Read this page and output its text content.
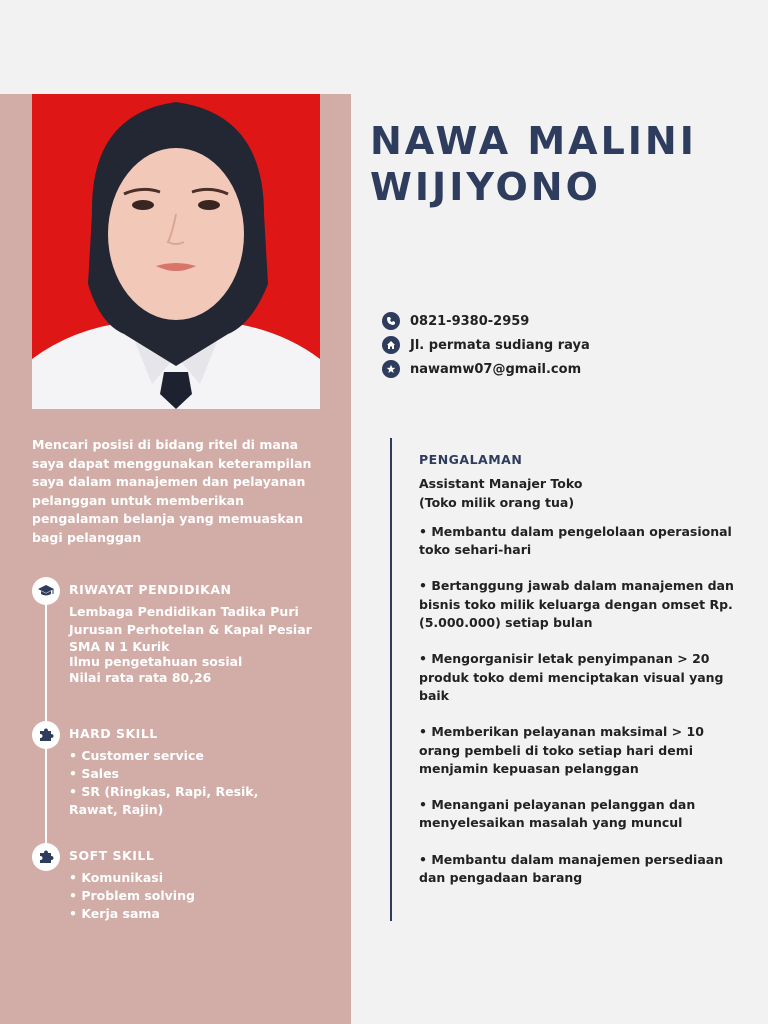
NAWA MALINI
WIJIYONO
0821-9380-2959
Jl. permata sudiang raya
nawamw07@gmail.com
Mencari posisi di bidang ritel di mana saya dapat menggunakan keterampilan saya dalam manajemen dan pelayanan pelanggan untuk memberikan pengalaman belanja yang memuaskan bagi pelanggan
RIWAYAT PENDIDIKAN
Lembaga Pendidikan Tadika Puri
Jurusan Perhotelan & Kapal Pesiar
SMA N 1 Kurik
Ilmu pengetahuan sosial
Nilai rata rata 80,26
HARD SKILL
• Customer service
• Sales
• SR (Ringkas, Rapi, Resik, Rawat, Rajin)
SOFT SKILL
• Komunikasi
• Problem solving
• Kerja sama
PENGALAMAN
Assistant Manajer Toko
(Toko milik orang tua)
• Membantu dalam pengelolaan operasional toko sehari-hari
• Bertanggung jawab dalam manajemen dan bisnis toko milik keluarga dengan omset Rp. (5.000.000) setiap bulan
• Mengorganisir letak penyimpanan > 20 produk toko demi menciptakan visual yang baik
• Memberikan pelayanan maksimal > 10 orang pembeli di toko setiap hari demi menjamin kepuasan pelanggan
• Menangani pelayanan pelanggan dan menyelesaikan masalah yang muncul
• Membantu dalam manajemen persediaan dan pengadaan barang
